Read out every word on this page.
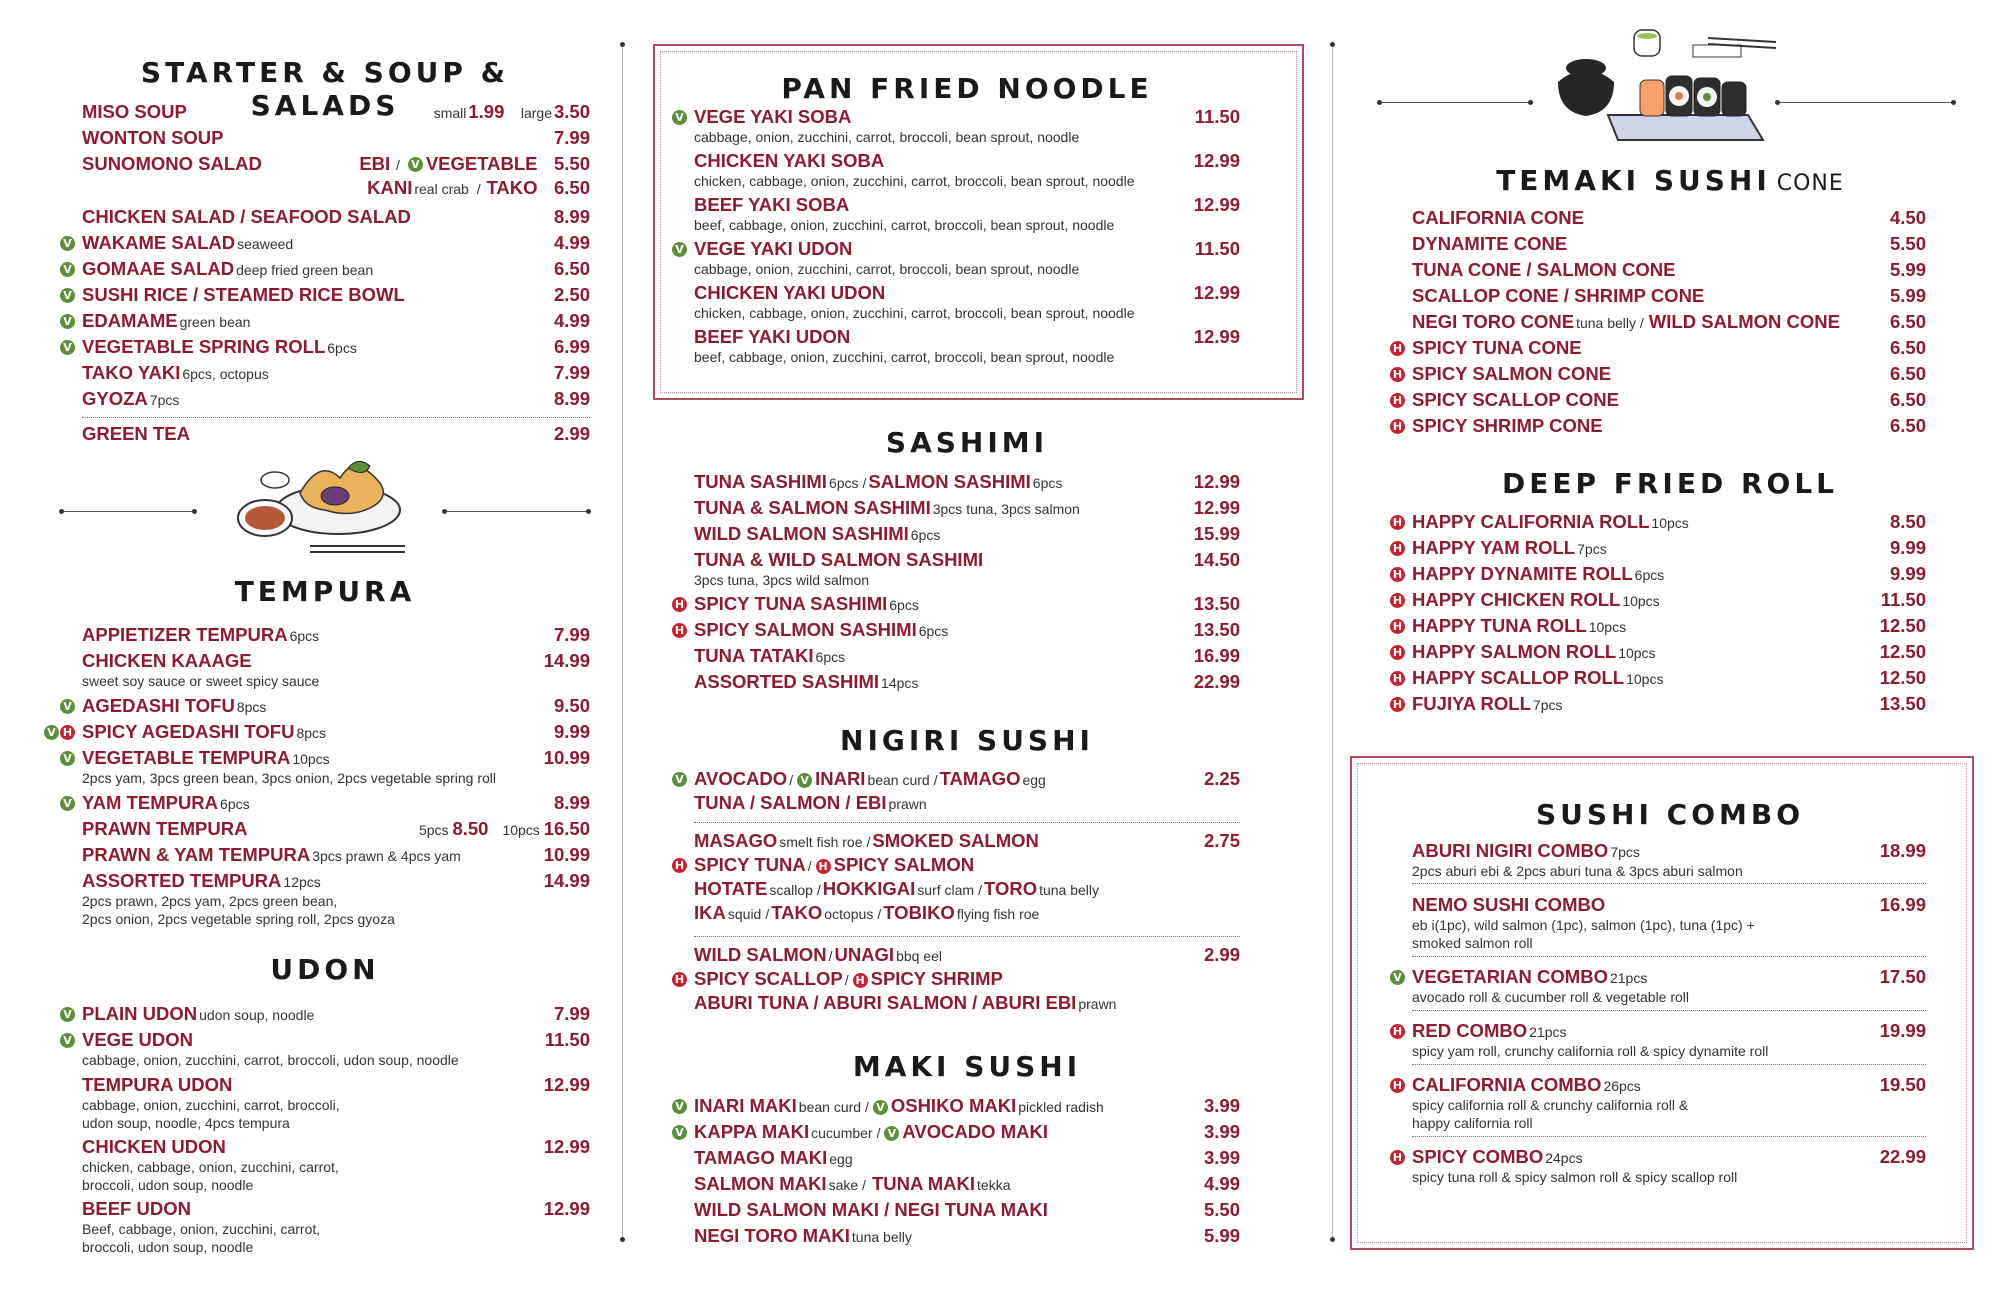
STARTER & SOUP & SALADS
MISO SOUP	small 1.99 large 3.50
WONTON SOUP	7.99
SUNOMONO SALAD	EBI / V VEGETABLE 5.50
KANI real crab / TAKO 6.50
CHICKEN SALAD / SEAFOOD SALAD	8.99
V WAKAME SALAD seaweed	4.99
V GOMAAE SALAD deep fried green bean	6.50
V SUSHI RICE / STEAMED RICE BOWL	2.50
V EDAMAME green bean	4.99
V VEGETABLE SPRING ROLL 6pcs	6.99
TAKO YAKI 6pcs, octopus	7.99
GYOZA 7pcs	8.99
GREEN TEA	2.99
TEMPURA
APPIETIZER TEMPURA 6pcs	7.99
CHICKEN KAAAGE	14.99
sweet soy sauce or sweet spicy sauce
V AGEDASHI TOFU 8pcs	9.50
V H SPICY AGEDASHI TOFU 8pcs	9.99
V VEGETABLE TEMPURA 10pcs	10.99
2pcs yam, 3pcs green bean, 3pcs onion, 2pcs vegetable spring roll
V YAM TEMPURA 6pcs	8.99
PRAWN TEMPURA	5pcs 8.50 10pcs 16.50
PRAWN & YAM TEMPURA 3pcs prawn & 4pcs yam	10.99
ASSORTED TEMPURA 12pcs	14.99
2pcs prawn, 2pcs yam, 2pcs green bean,
2pcs onion, 2pcs vegetable spring roll, 2pcs gyoza
UDON
V PLAIN UDON udon soup, noodle	7.99
V VEGE UDON	11.50
cabbage, onion, zucchini, carrot, broccoli, udon soup, noodle
TEMPURA UDON	12.99
cabbage, onion, zucchini, carrot, broccoli,
udon soup, noodle, 4pcs tempura
CHICKEN UDON	12.99
chicken, cabbage, onion, zucchini, carrot,
broccoli, udon soup, noodle
BEEF UDON	12.99
Beef, cabbage, onion, zucchini, carrot,
broccoli, udon soup, noodle
PAN FRIED NOODLE
V VEGE YAKI SOBA	11.50
cabbage, onion, zucchini, carrot, broccoli, bean sprout, noodle
CHICKEN YAKI SOBA	12.99
chicken, cabbage, onion, zucchini, carrot, broccoli, bean sprout, noodle
BEEF YAKI SOBA	12.99
beef, cabbage, onion, zucchini, carrot, broccoli, bean sprout, noodle
V VEGE YAKI UDON	11.50
cabbage, onion, zucchini, carrot, broccoli, bean sprout, noodle
CHICKEN YAKI UDON	12.99
chicken, cabbage, onion, zucchini, carrot, broccoli, bean sprout, noodle
BEEF YAKI UDON	12.99
beef, cabbage, onion, zucchini, carrot, broccoli, bean sprout, noodle
SASHIMI
TUNA SASHIMI 6pcs / SALMON SASHIMI 6pcs	12.99
TUNA & SALMON SASHIMI 3pcs tuna, 3pcs salmon	12.99
WILD SALMON SASHIMI 6pcs	15.99
TUNA & WILD SALMON SASHIMI	14.50
3pcs tuna, 3pcs wild salmon
H SPICY TUNA SASHIMI 6pcs	13.50
H SPICY SALMON SASHIMI 6pcs	13.50
TUNA TATAKI 6pcs	16.99
ASSORTED SASHIMI 14pcs	22.99
NIGIRI SUSHI
V AVOCADO / V INARI bean curd / TAMAGO egg	2.25
TUNA / SALMON / EBI prawn
MASAGO smelt fish roe / SMOKED SALMON	2.75
H SPICY TUNA / H SPICY SALMON
HOTATE scallop / HOKKIGAI surf clam / TORO tuna belly
IKA squid / TAKO octopus / TOBIKO flying fish roe
WILD SALMON / UNAGI bbq eel	2.99
H SPICY SCALLOP / H SPICY SHRIMP
ABURI TUNA / ABURI SALMON / ABURI EBI prawn
MAKI SUSHI
V INARI MAKI bean curd / V OSHIKO MAKI pickled radish	3.99
V KAPPA MAKI cucumber / V AVOCADO MAKI	3.99
TAMAGO MAKI egg	3.99
SALMON MAKI sake / TUNA MAKI tekka	4.99
WILD SALMON MAKI / NEGI TUNA MAKI	5.50
NEGI TORO MAKI tuna belly	5.99
TEMAKI SUSHI CONE
CALIFORNIA CONE	4.50
DYNAMITE CONE	5.50
TUNA CONE / SALMON CONE	5.99
SCALLOP CONE / SHRIMP CONE	5.99
NEGI TORO CONE tuna belly / WILD SALMON CONE	6.50
H SPICY TUNA CONE	6.50
H SPICY SALMON CONE	6.50
H SPICY SCALLOP CONE	6.50
H SPICY SHRIMP CONE	6.50
DEEP FRIED ROLL
H HAPPY CALIFORNIA ROLL 10pcs	8.50
H HAPPY YAM ROLL 7pcs	9.99
H HAPPY DYNAMITE ROLL 6pcs	9.99
H HAPPY CHICKEN ROLL 10pcs	11.50
H HAPPY TUNA ROLL 10pcs	12.50
H HAPPY SALMON ROLL 10pcs	12.50
H HAPPY SCALLOP ROLL 10pcs	12.50
H FUJIYA ROLL 7pcs	13.50
SUSHI COMBO
ABURI NIGIRI COMBO 7pcs	18.99
2pcs aburi ebi & 2pcs aburi tuna & 3pcs aburi salmon
NEMO SUSHI COMBO	16.99
eb i(1pc), wild salmon (1pc), salmon (1pc), tuna (1pc) +
smoked salmon roll
V VEGETARIAN COMBO 21pcs	17.50
avocado roll & cucumber roll & vegetable roll
H RED COMBO 21pcs	19.99
spicy yam roll, crunchy california roll & spicy dynamite roll
H CALIFORNIA COMBO 26pcs	19.50
spicy california roll & crunchy california roll &
happy california roll
H SPICY COMBO 24pcs	22.99
spicy tuna roll & spicy salmon roll & spicy scallop roll
